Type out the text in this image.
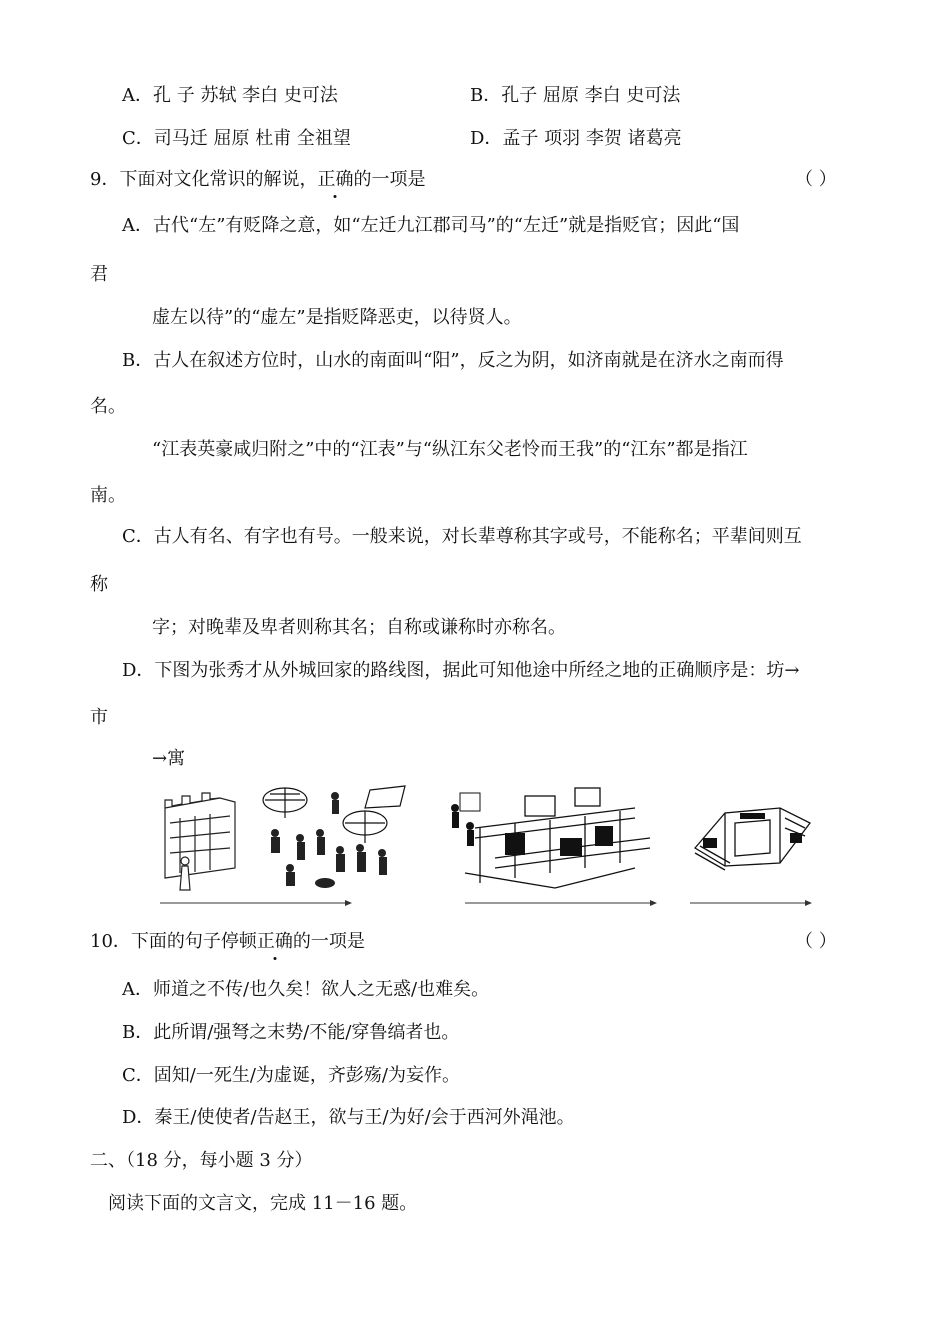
A．孔 子 苏轼 李白 史可法	B．孔子 屈原 李白 史可法
C．司马迁 屈原 杜甫 全祖望	D．孟子 项羽 李贺 诸葛亮
9．下面对文化常识的解说，正确的一项是	（ ）
A．古代“左”有贬降之意，如“左迁九江郡司马”的“左迁”就是指贬官；因此“国
君
虚左以待”的“虚左”是指贬降恶吏，以待贤人。
B．古人在叙述方位时，山水的南面叫“阳”，反之为阴，如济南就是在济水之南而得
名。
“江表英豪咸归附之”中的“江表”与“纵江东父老怜而王我”的“江东”都是指江
南。
C．古人有名、有字也有号。一般来说，对长辈尊称其字或号，不能称名；平辈间则互
称
字；对晚辈及卑者则称其名；自称或谦称时亦称名。
D．下图为张秀才从外城回家的路线图，据此可知他途中所经之地的正确顺序是：坊→
市
→寓
10．下面的句子停顿正确的一项是	（ ）
A．师道之不传/也久矣！欲人之无惑/也难矣。
B．此所谓/强弩之末势/不能/穿鲁缟者也。
C．固知/一死生/为虚诞，齐彭殇/为妄作。
D．秦王/使使者/告赵王，欲与王/为好/会于西河外渑池。
二、（18 分，每小题 3 分）
阅读下面的文言文，完成 11－16 题。
